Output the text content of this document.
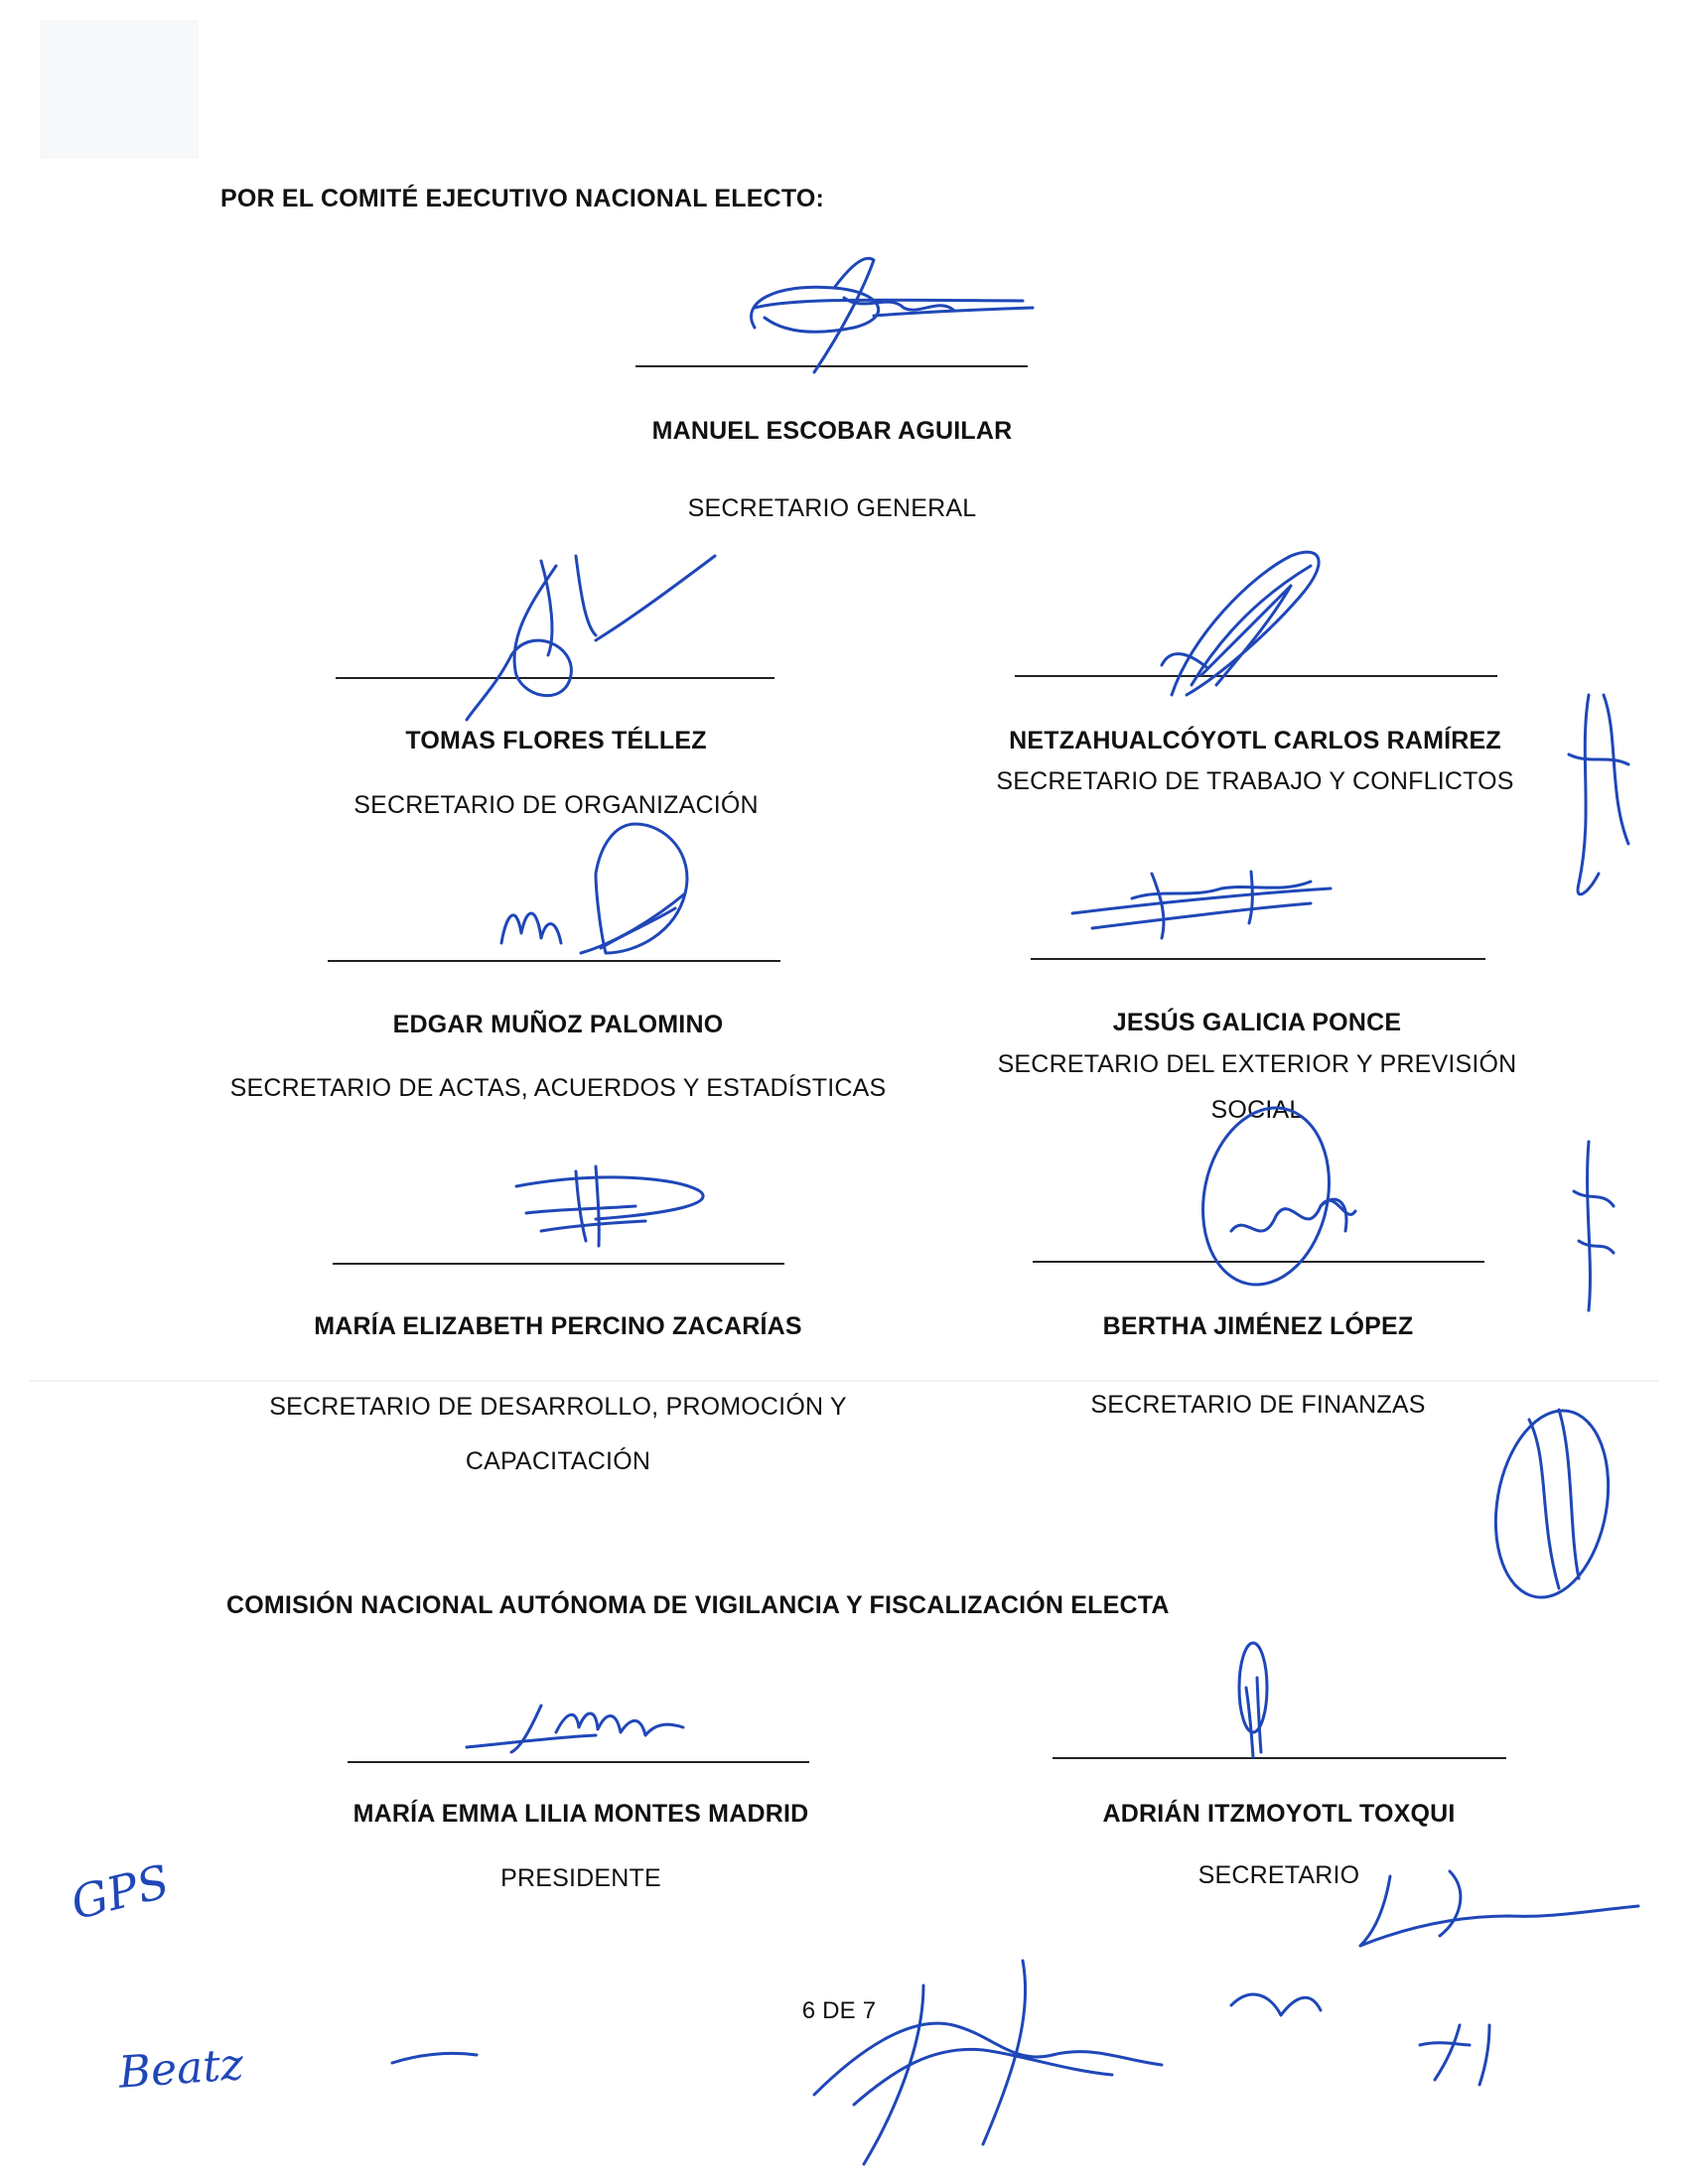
POR EL COMITÉ EJECUTIVO NACIONAL ELECTO:
MANUEL ESCOBAR AGUILAR
SECRETARIO GENERAL
TOMAS FLORES TÉLLEZ
SECRETARIO DE ORGANIZACIÓN
NETZAHUALCÓYOTL CARLOS RAMÍREZ
SECRETARIO DE TRABAJO Y CONFLICTOS
EDGAR MUÑOZ PALOMINO
SECRETARIO DE ACTAS, ACUERDOS Y ESTADÍSTICAS
JESÚS GALICIA PONCE
SECRETARIO DEL EXTERIOR Y PREVISIÓN
SOCIAL
MARÍA ELIZABETH PERCINO ZACARÍAS
SECRETARIO DE DESARROLLO, PROMOCIÓN Y
CAPACITACIÓN
BERTHA JIMÉNEZ LÓPEZ
SECRETARIO DE FINANZAS
COMISIÓN NACIONAL AUTÓNOMA DE VIGILANCIA Y FISCALIZACIÓN ELECTA
MARÍA EMMA LILIA MONTES MADRID
PRESIDENTE
ADRIÁN ITZMOYOTL TOXQUI
SECRETARIO
6 DE 7
GPS
Beatz
